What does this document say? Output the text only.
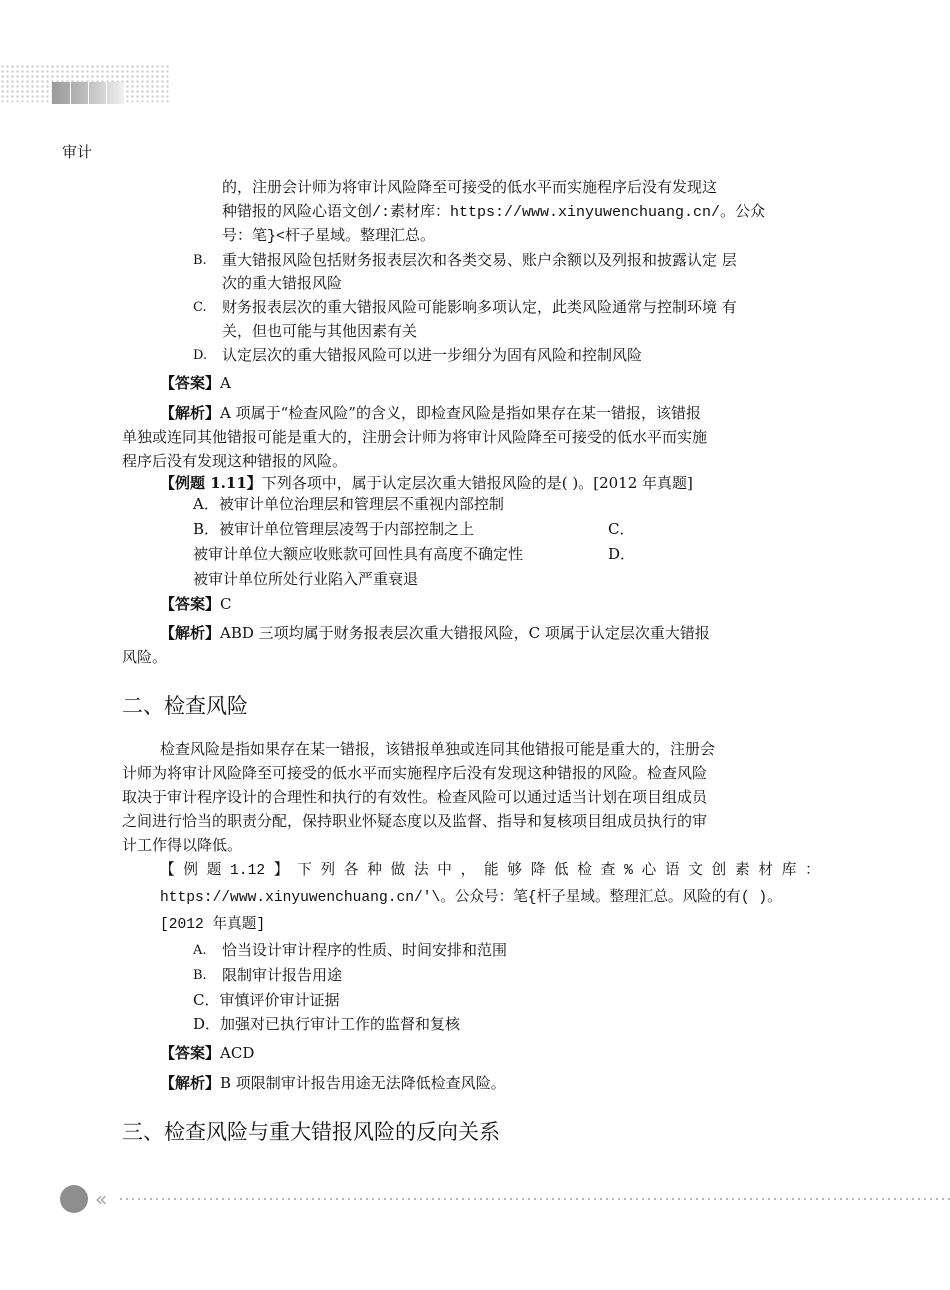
审计
的，注册会计师为将审计风险降至可接受的低水平而实施程序后没有发现这
种错报的风险心语文创/:素材库：https://www.xinyuwenchuang.cn/。公众
号：笔}<杆子星域。整理汇总。
B. 重大错报风险包括财务报表层次和各类交易、账户余额以及列报和披露认定 层
次的重大错报风险
C. 财务报表层次的重大错报风险可能影响多项认定，此类风险通常与控制环境 有
关，但也可能与其他因素有关
D. 认定层次的重大错报风险可以进一步细分为固有风险和控制风险
【答案】A
【解析】A 项属于“检查风险”的含义，即检查风险是指如果存在某一错报，该错报
单独或连同其他错报可能是重大的，注册会计师为将审计风险降至可接受的低水平而实施
程序后没有发现这种错报的风险。
【例题 1.11】下列各项中，属于认定层次重大错报风险的是( )。[2012 年真题]
A．被审计单位治理层和管理层不重视内部控制
B．被审计单位管理层凌驾于内部控制之上	C．
被审计单位大额应收账款可回性具有高度不确定性	D．
被审计单位所处行业陷入严重衰退
【答案】C
【解析】ABD 三项均属于财务报表层次重大错报风险，C 项属于认定层次重大错报
风险。
二、检查风险
检查风险是指如果存在某一错报，该错报单独或连同其他错报可能是重大的，注册会
计师为将审计风险降至可接受的低水平而实施程序后没有发现这种错报的风险。检查风险
取决于审计程序设计的合理性和执行的有效性。检查风险可以通过适当计划在项目组成员
之间进行恰当的职责分配，保持职业怀疑态度以及监督、指导和复核项目组成员执行的审
计工作得以降低。
【 例 题 1.12 】 下 列 各 种 做 法 中 ， 能 够 降 低 检 查 % 心 语 文 创 素 材 库 ：
https://www.xinyuwenchuang.cn/'\。公众号：笔{杆子星域。整理汇总。风险的有( )。
[2012 年真题]
A. 恰当设计审计程序的性质、时间安排和范围
B. 限制审计报告用途
C．审慎评价审计证据
D．加强对已执行审计工作的监督和复核
【答案】ACD
【解析】B 项限制审计报告用途无法降低检查风险。
三、检查风险与重大错报风险的反向关系
«
